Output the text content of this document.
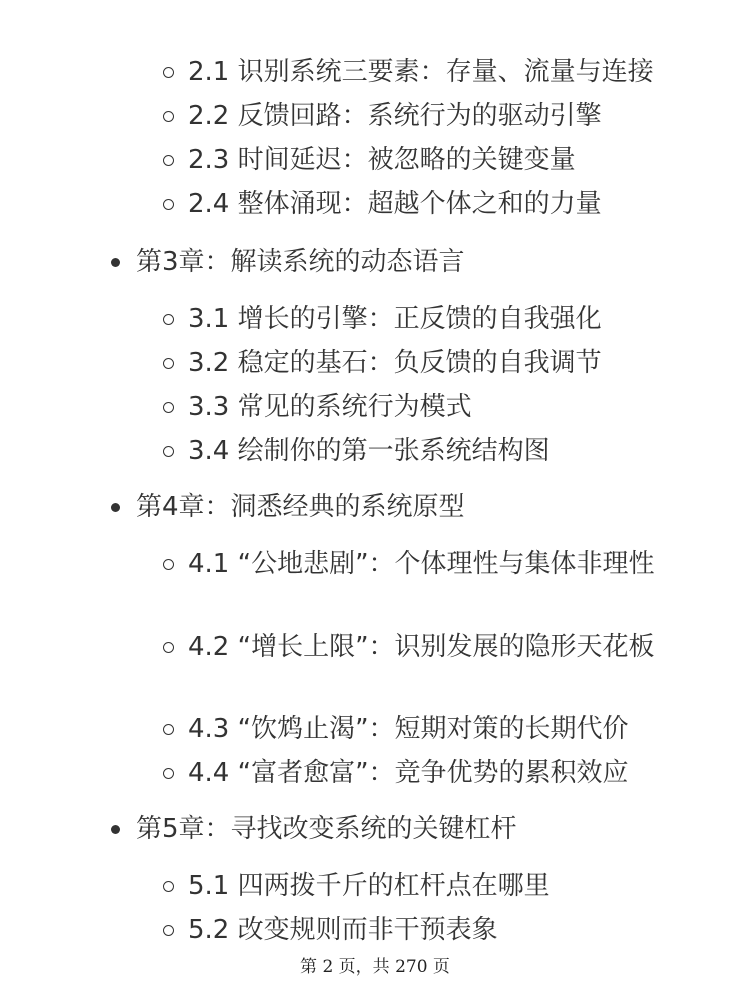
2.1 识别系统三要素：存量、流量与连接
2.2 反馈回路：系统行为的驱动引擎
2.3 时间延迟：被忽略的关键变量
2.4 整体涌现：超越个体之和的力量
第3章：解读系统的动态语言
3.1 增长的引擎：正反馈的自我强化
3.2 稳定的基石：负反馈的自我调节
3.3 常见的系统行为模式
3.4 绘制你的第一张系统结构图
第4章：洞悉经典的系统原型
4.1 “公地悲剧”：个体理性与集体非理性
4.2 “增长上限”：识别发展的隐形天花板
4.3 “饮鸩止渴”：短期对策的长期代价
4.4 “富者愈富”：竞争优势的累积效应
第5章：寻找改变系统的关键杠杆
5.1 四两拨千斤的杠杆点在哪里
5.2 改变规则而非干预表象
第 2 页，共 270 页
